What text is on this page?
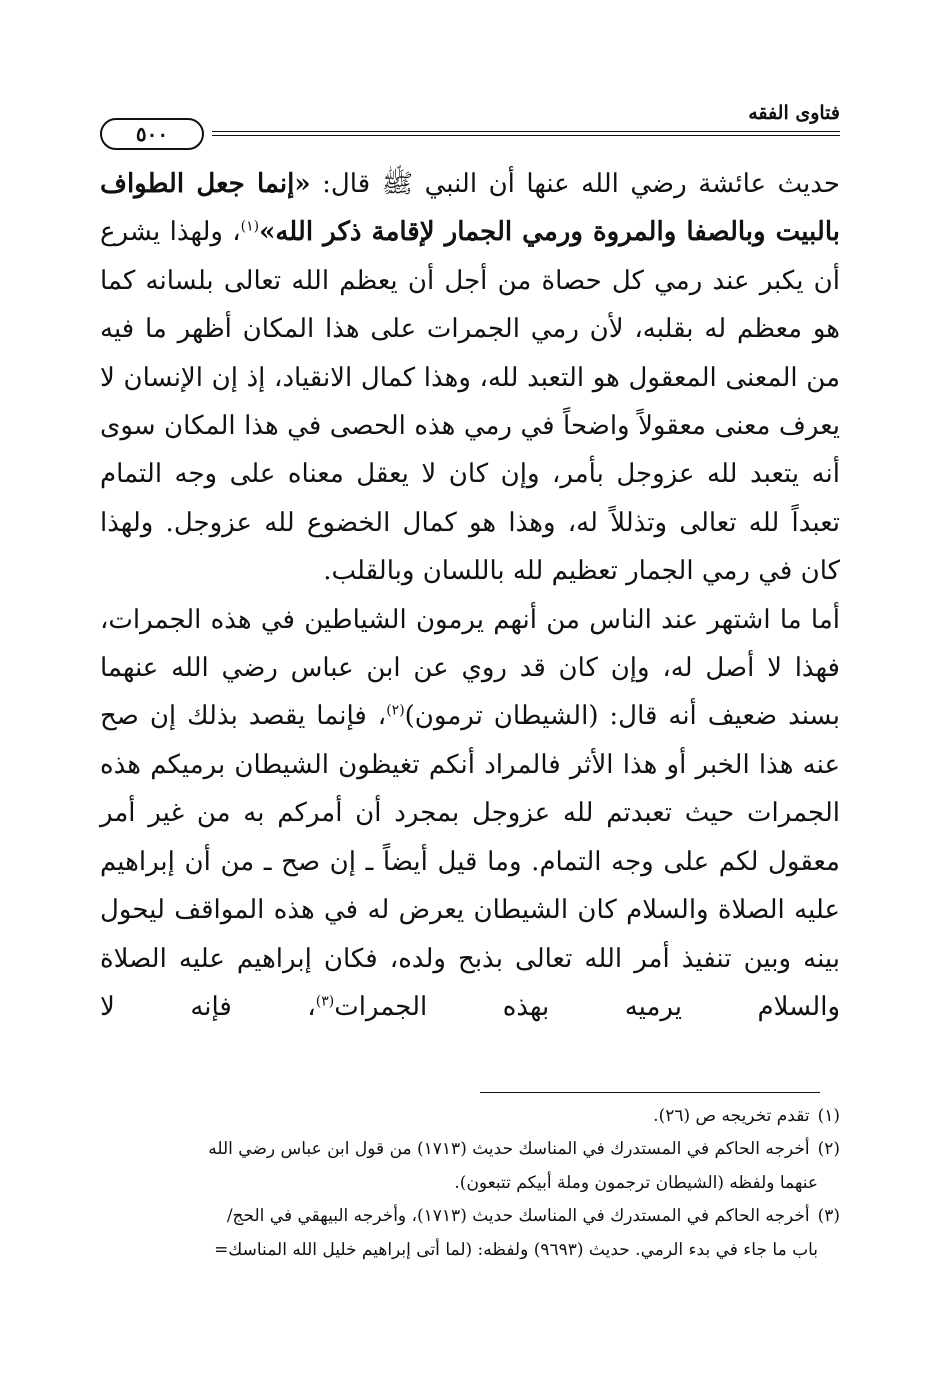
فتاوى الفقه
٥٠٠

حديث عائشة رضي الله عنها أن النبي ﷺ قال: «إنما جعل الطواف بالبيت وبالصفا والمروة ورمي الجمار لإقامة ذكر الله»$^{(١)}$، ولهذا يشرع أن يكبر عند رمي كل حصاة من أجل أن يعظم الله تعالى بلسانه كما هو معظم له بقلبه، لأن رمي الجمرات على هذا المكان أظهر ما فيه من المعنى المعقول هو التعبد لله، وهذا كمال الانقياد، إذ إن الإنسان لا يعرف معنى معقولاً واضحاً في رمي هذه الحصى في هذا المكان سوى أنه يتعبد لله عزوجل بأمر، وإن كان لا يعقل معناه على وجه التمام تعبداً لله تعالى وتذللاً له، وهذا هو كمال الخضوع لله عزوجل. ولهذا كان في رمي الجمار تعظيم لله باللسان وبالقلب.

أما ما اشتهر عند الناس من أنهم يرمون الشياطين في هذه الجمرات، فهذا لا أصل له، وإن كان قد روي عن ابن عباس رضي الله عنهما بسند ضعيف أنه قال: (الشيطان ترمون)$^{(٢)}$، فإنما يقصد بذلك إن صح عنه هذا الخبر أو هذا الأثر فالمراد أنكم تغيظون الشيطان برميكم هذه الجمرات حيث تعبدتم لله عزوجل بمجرد أن أمركم به من غير أمر معقول لكم على وجه التمام. وما قيل أيضاً ـ إن صح ـ من أن إبراهيم عليه الصلاة والسلام كان الشيطان يعرض له في هذه المواقف ليحول بينه وبين تنفيذ أمر الله تعالى بذبح ولده، فكان إبراهيم عليه الصلاة والسلام يرميه بهذه الجمرات$^{(٣)}$، فإنه لا

(١)تقدم تخريجه ص (٢٦).

(٢)أخرجه الحاكم في المستدرك في المناسك حديث (١٧١٣) من قول ابن عباس رضي الله

عنهما ولفظه (الشيطان ترجمون وملة أبيكم تتبعون).

(٣)أخرجه الحاكم في المستدرك في المناسك حديث (١٧١٣)، وأخرجه البيهقي في الحج/

باب ما جاء في بدء الرمي. حديث (٩٦٩٣) ولفظه: (لما أتى إبراهيم خليل الله المناسك=
